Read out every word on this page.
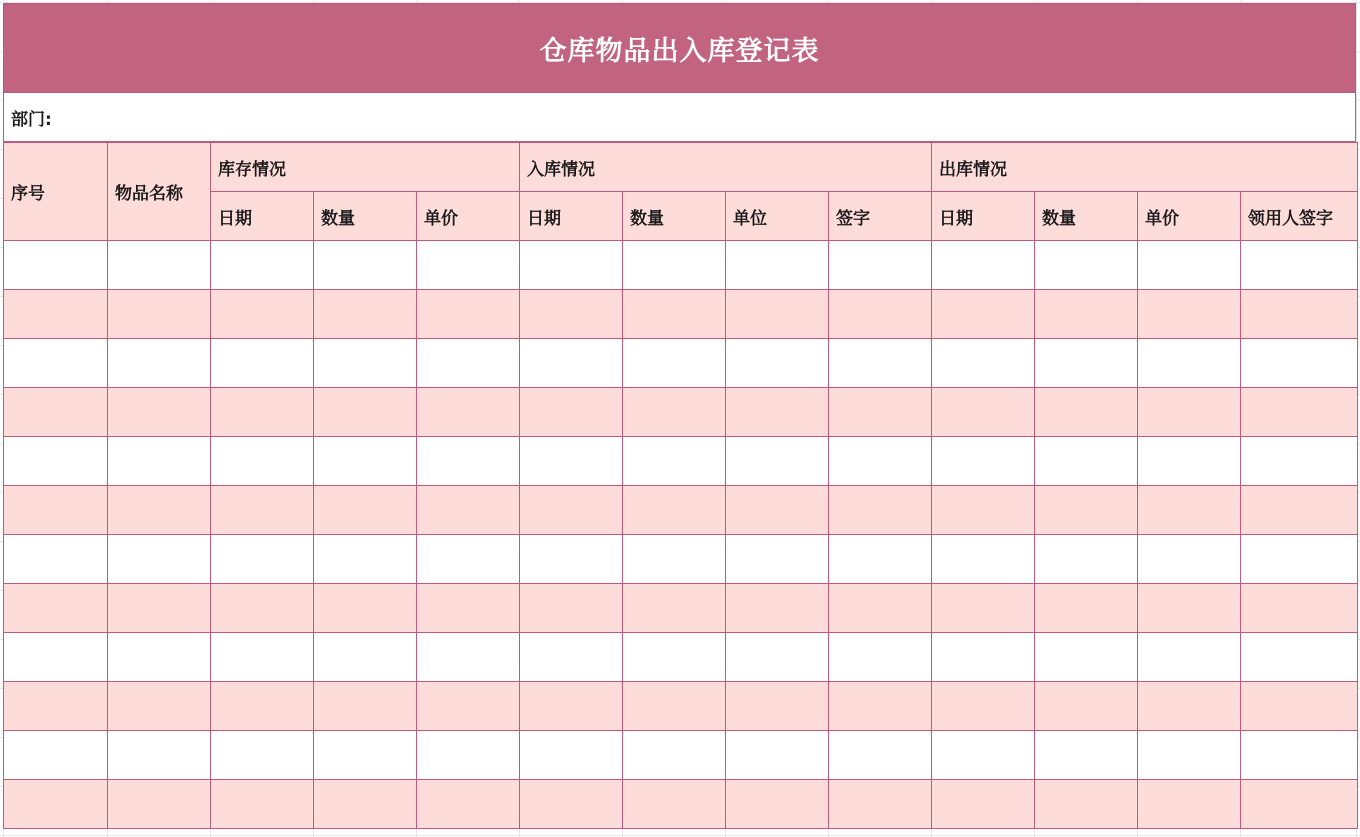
仓库物品出入库登记表
部门:
序号	物品名称	库存情况			入库情况				出库情况			
		日期	数量	单价	日期	数量	单位	签字	日期	数量	单价	领用人签字
